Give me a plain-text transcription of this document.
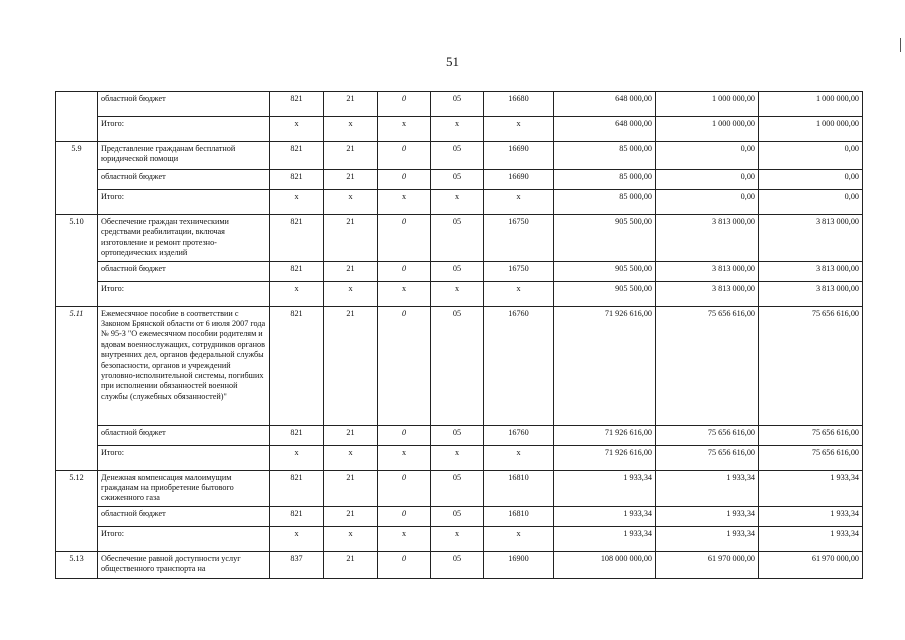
51
	областной бюджет	821	21	0	05	16680	648 000,00	1 000 000,00	1 000 000,00
	Итого:	х	х	х	х	х	648 000,00	1 000 000,00	1 000 000,00
5.9	Представление гражданам бесплатной юридической помощи	821	21	0	05	16690	85 000,00	0,00	0,00
	областной бюджет	821	21	0	05	16690	85 000,00	0,00	0,00
	Итого:	х	х	х	х	х	85 000,00	0,00	0,00
5.10	Обеспечение граждан техническими средствами реабилитации, включая изготовление и ремонт протезно-ортопедических изделий	821	21	0	05	16750	905 500,00	3 813 000,00	3 813 000,00
	областной бюджет	821	21	0	05	16750	905 500,00	3 813 000,00	3 813 000,00
	Итого:	х	х	х	х	х	905 500,00	3 813 000,00	3 813 000,00
5.11	Ежемесячное пособие в соответствии с Законом Брянской области от 6 июля 2007 года № 95-З "О ежемесячном пособии родителям и вдовам военнослужащих, сотрудников органов внутренних дел, органов федеральной службы безопасности, органов и учреждений уголовно-исполнительной системы, погибших при исполнении обязанностей военной службы (служебных обязанностей)"	821	21	0	05	16760	71 926 616,00	75 656 616,00	75 656 616,00
	областной бюджет	821	21	0	05	16760	71 926 616,00	75 656 616,00	75 656 616,00
	Итого:	х	х	х	х	х	71 926 616,00	75 656 616,00	75 656 616,00
5.12	Денежная компенсация малоимущим гражданам на приобретение бытового сжиженного газа	821	21	0	05	16810	1 933,34	1 933,34	1 933,34
	областной бюджет	821	21	0	05	16810	1 933,34	1 933,34	1 933,34
	Итого:	х	х	х	х	х	1 933,34	1 933,34	1 933,34
5.13	Обеспечение равной доступности услуг общественного транспорта на	837	21	0	05	16900	108 000 000,00	61 970 000,00	61 970 000,00
